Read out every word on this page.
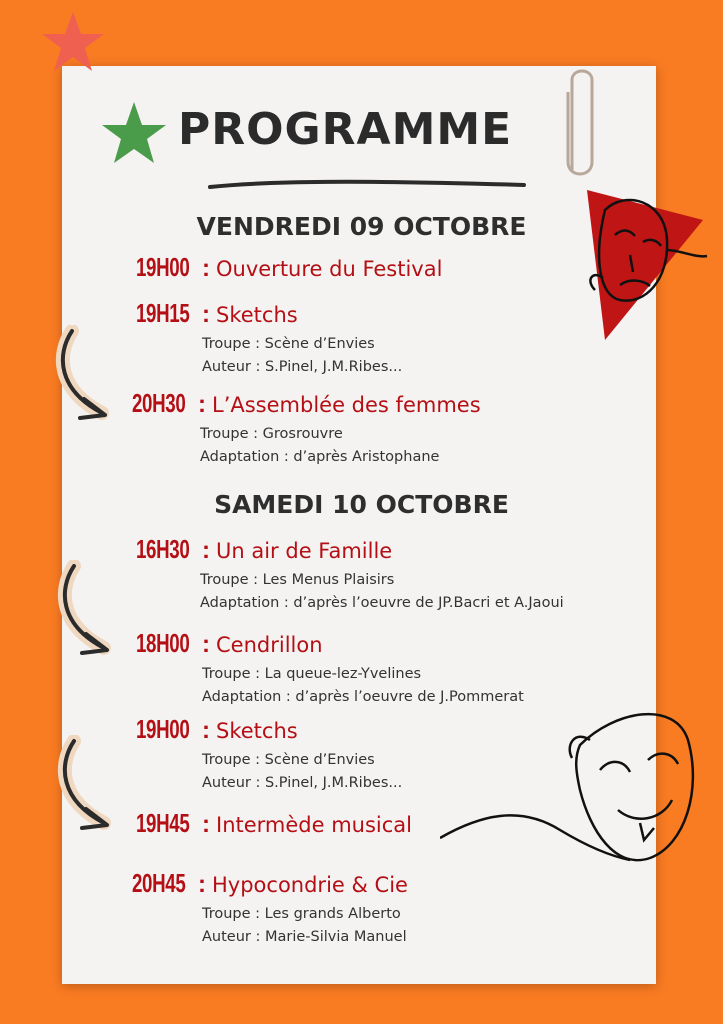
PROGRAMME
VENDREDI 09 OCTOBRE
19H00 : Ouverture du Festival
19H15 : Sketchs
Troupe : Scène d’Envies
Auteur : S.Pinel, J.M.Ribes...
20H30 : L’Assemblée des femmes
Troupe : Grosrouvre
Adaptation : d’après Aristophane
SAMEDI 10 OCTOBRE
16H30 : Un air de Famille
Troupe : Les Menus Plaisirs
Adaptation : d’après l’oeuvre de JP.Bacri et A.Jaoui
18H00 : Cendrillon
Troupe : La queue-lez-Yvelines
Adaptation : d’après l’oeuvre de J.Pommerat
19H00 : Sketchs
Troupe : Scène d’Envies
Auteur : S.Pinel, J.M.Ribes...
19H45 : Intermède musical
20H45 : Hypocondrie & Cie
Troupe : Les grands Alberto
Auteur : Marie-Silvia Manuel
